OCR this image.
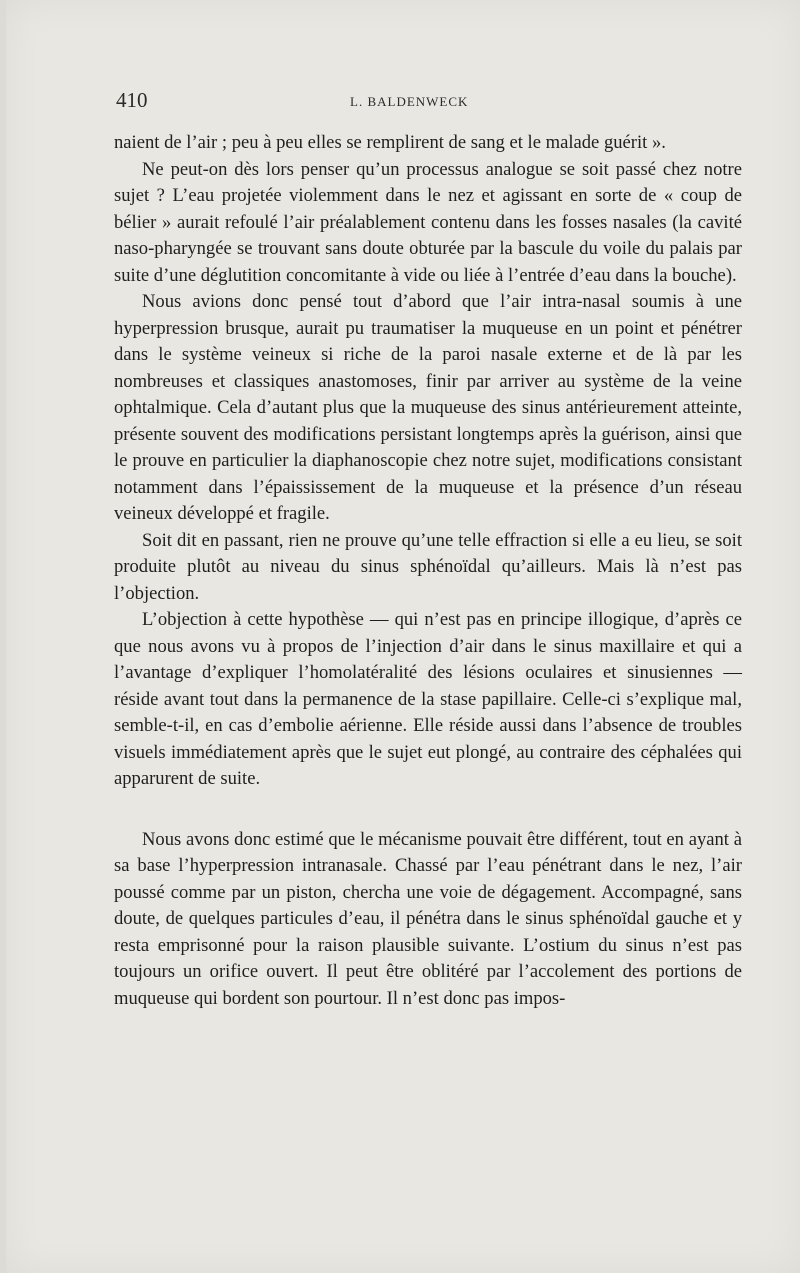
410	L. BALDENWECK

naient de l’air ; peu à peu elles se remplirent de sang et le malade guérit ».

Ne peut-on dès lors penser qu’un processus analogue se soit passé chez notre sujet ? L’eau projetée violemment dans le nez et agissant en sorte de « coup de bélier » aurait refoulé l’air préalablement contenu dans les fosses nasales (la cavité naso-pharyngée se trouvant sans doute obturée par la bascule du voile du palais par suite d’une déglutition concomitante à vide ou liée à l’entrée d’eau dans la bouche).

Nous avions donc pensé tout d’abord que l’air intra-nasal soumis à une hyperpression brusque, aurait pu traumatiser la muqueuse en un point et pénétrer dans le système veineux si riche de la paroi nasale externe et de là par les nombreuses et classiques anastomoses, finir par arriver au système de la veine ophtalmique. Cela d’autant plus que la muqueuse des sinus antérieurement atteinte, présente souvent des modifications persistant longtemps après la guérison, ainsi que le prouve en particulier la diaphanoscopie chez notre sujet, modifications consistant notamment dans l’épaississement de la muqueuse et la présence d’un réseau veineux développé et fragile.

Soit dit en passant, rien ne prouve qu’une telle effraction si elle a eu lieu, se soit produite plutôt au niveau du sinus sphénoïdal qu’ailleurs. Mais là n’est pas l’objection.

L’objection à cette hypothèse — qui n’est pas en principe illogique, d’après ce que nous avons vu à propos de l’injection d’air dans le sinus maxillaire et qui a l’avantage d’expliquer l’homolatéralité des lésions oculaires et sinusiennes — réside avant tout dans la permanence de la stase papillaire. Celle-ci s’explique mal, semble-t-il, en cas d’embolie aérienne. Elle réside aussi dans l’absence de troubles visuels immédiatement après que le sujet eut plongé, au contraire des céphalées qui apparurent de suite.

Nous avons donc estimé que le mécanisme pouvait être différent, tout en ayant à sa base l’hyperpression intranasale. Chassé par l’eau pénétrant dans le nez, l’air poussé comme par un piston, chercha une voie de dégagement. Accompagné, sans doute, de quelques particules d’eau, il pénétra dans le sinus sphénoïdal gauche et y resta emprisonné pour la raison plausible suivante. L’ostium du sinus n’est pas toujours un orifice ouvert. Il peut être oblitéré par l’accolement des portions de muqueuse qui bordent son pourtour. Il n’est donc pas impos-
